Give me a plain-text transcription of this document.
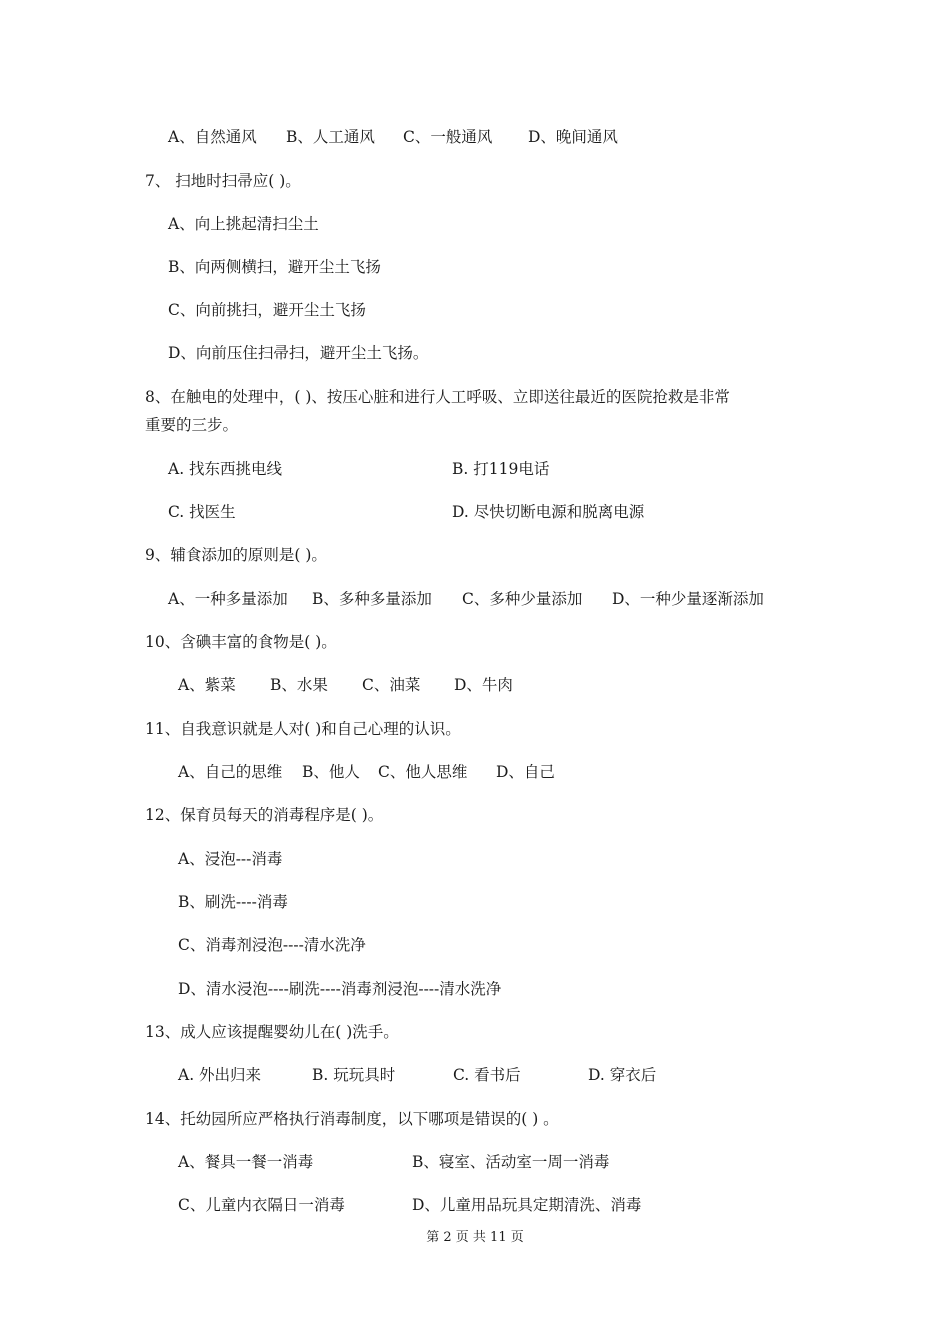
A、自然通风 B、人工通风 C、一般通风 D、晚间通风
7、 扫地时扫帚应( )。
A、向上挑起清扫尘土
B、向两侧横扫，避开尘土飞扬
C、向前挑扫，避开尘土飞扬
D、向前压住扫帚扫，避开尘土飞扬。
8、在触电的处理中，( )、按压心脏和进行人工呼吸、立即送往最近的医院抢救是非常
重要的三步。
A. 找东西挑电线	B. 打119电话
C. 找医生	D. 尽快切断电源和脱离电源
9、辅食添加的原则是( )。
A、一种多量添加 B、多种多量添加 C、多种少量添加 D、一种少量逐渐添加
10、含碘丰富的食物是( )。
A、紫菜 B、水果 C、油菜 D、牛肉
11、自我意识就是人对( )和自己心理的认识。
A、自己的思维 B、他人 C、他人思维 D、自己
12、保育员每天的消毒程序是( )。
A、浸泡---消毒
B、刷洗----消毒
C、消毒剂浸泡----清水洗净
D、清水浸泡----刷洗----消毒剂浸泡----清水洗净
13、成人应该提醒婴幼儿在( )洗手。
A. 外出归来	B. 玩玩具时	C. 看书后	D. 穿衣后
14、托幼园所应严格执行消毒制度，以下哪项是错误的( ) 。
A、餐具一餐一消毒	B、寝室、活动室一周一消毒
C、儿童内衣隔日一消毒	D、儿童用品玩具定期清洗、消毒
第 2 页 共 11 页
